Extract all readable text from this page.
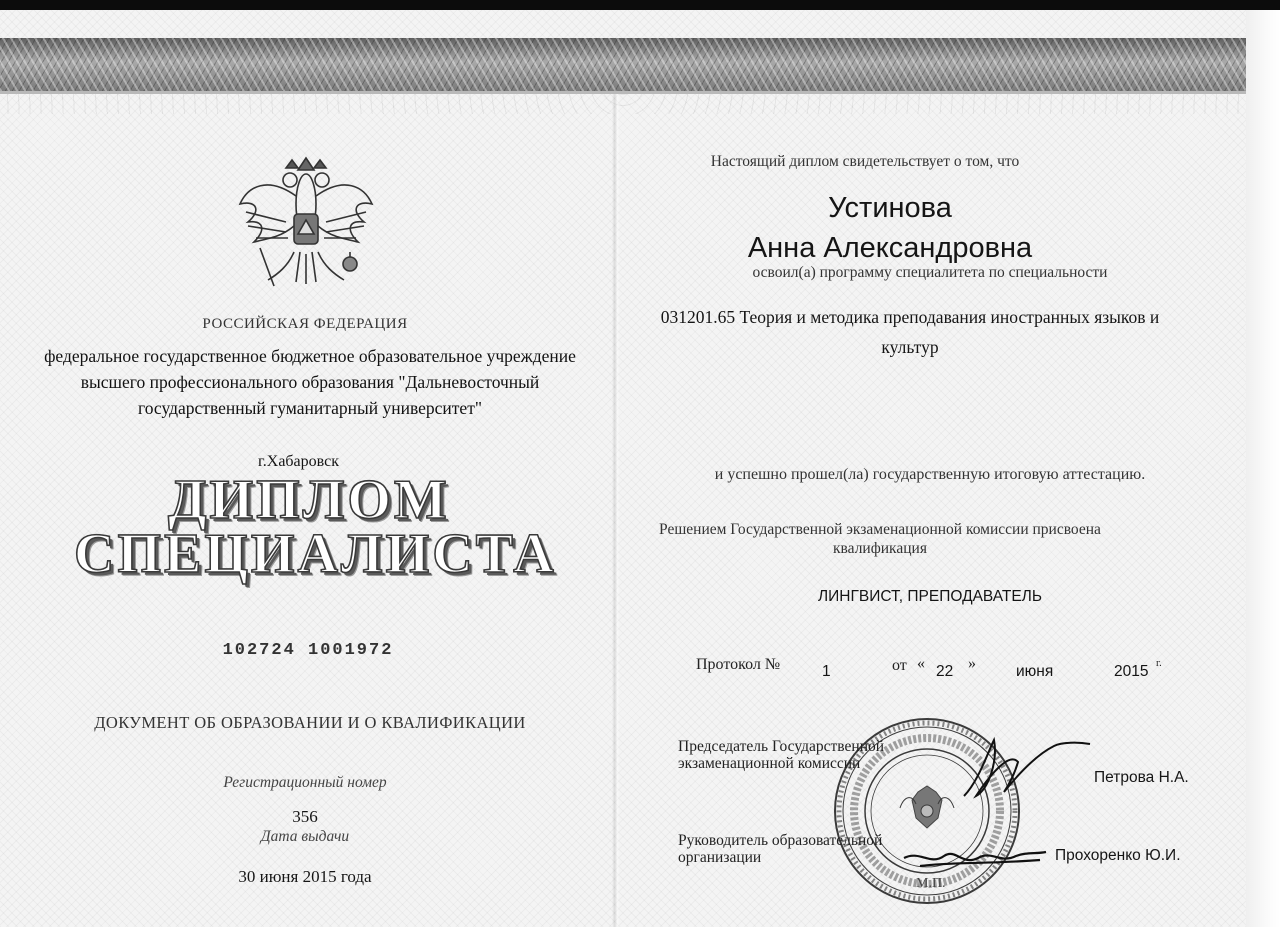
РОССИЙСКАЯ ФЕДЕРАЦИЯ
федеральное государственное бюджетное образовательное учреждение
высшего профессионального образования "Дальневосточный
государственный гуманитарный университет"
г.Хабаровск
ДИПЛОМ
СПЕЦИАЛИСТА
102724 1001972
ДОКУМЕНТ ОБ ОБРАЗОВАНИИ И О КВАЛИФИКАЦИИ
Регистрационный номер
356
Дата выдачи
30 июня 2015 года
Настоящий диплом свидетельствует о том, что
Устинова
Анна Александровна
освоил(а) программу специалитета по специальности
031201.65 Теория и методика преподавания иностранных языков и культур
и успешно прошел(ла) государственную итоговую аттестацию.
Решением Государственной экзаменационной комиссии присвоена квалификация
ЛИНГВИСТ, ПРЕПОДАВАТЕЛЬ
Протокол №	1	от « 22 »	июня	2015 г.
Председатель Государственной экзаменационной комиссии
Петрова Н.А.
Руководитель образовательной организации	Прохоренко Ю.И.
М.П.
